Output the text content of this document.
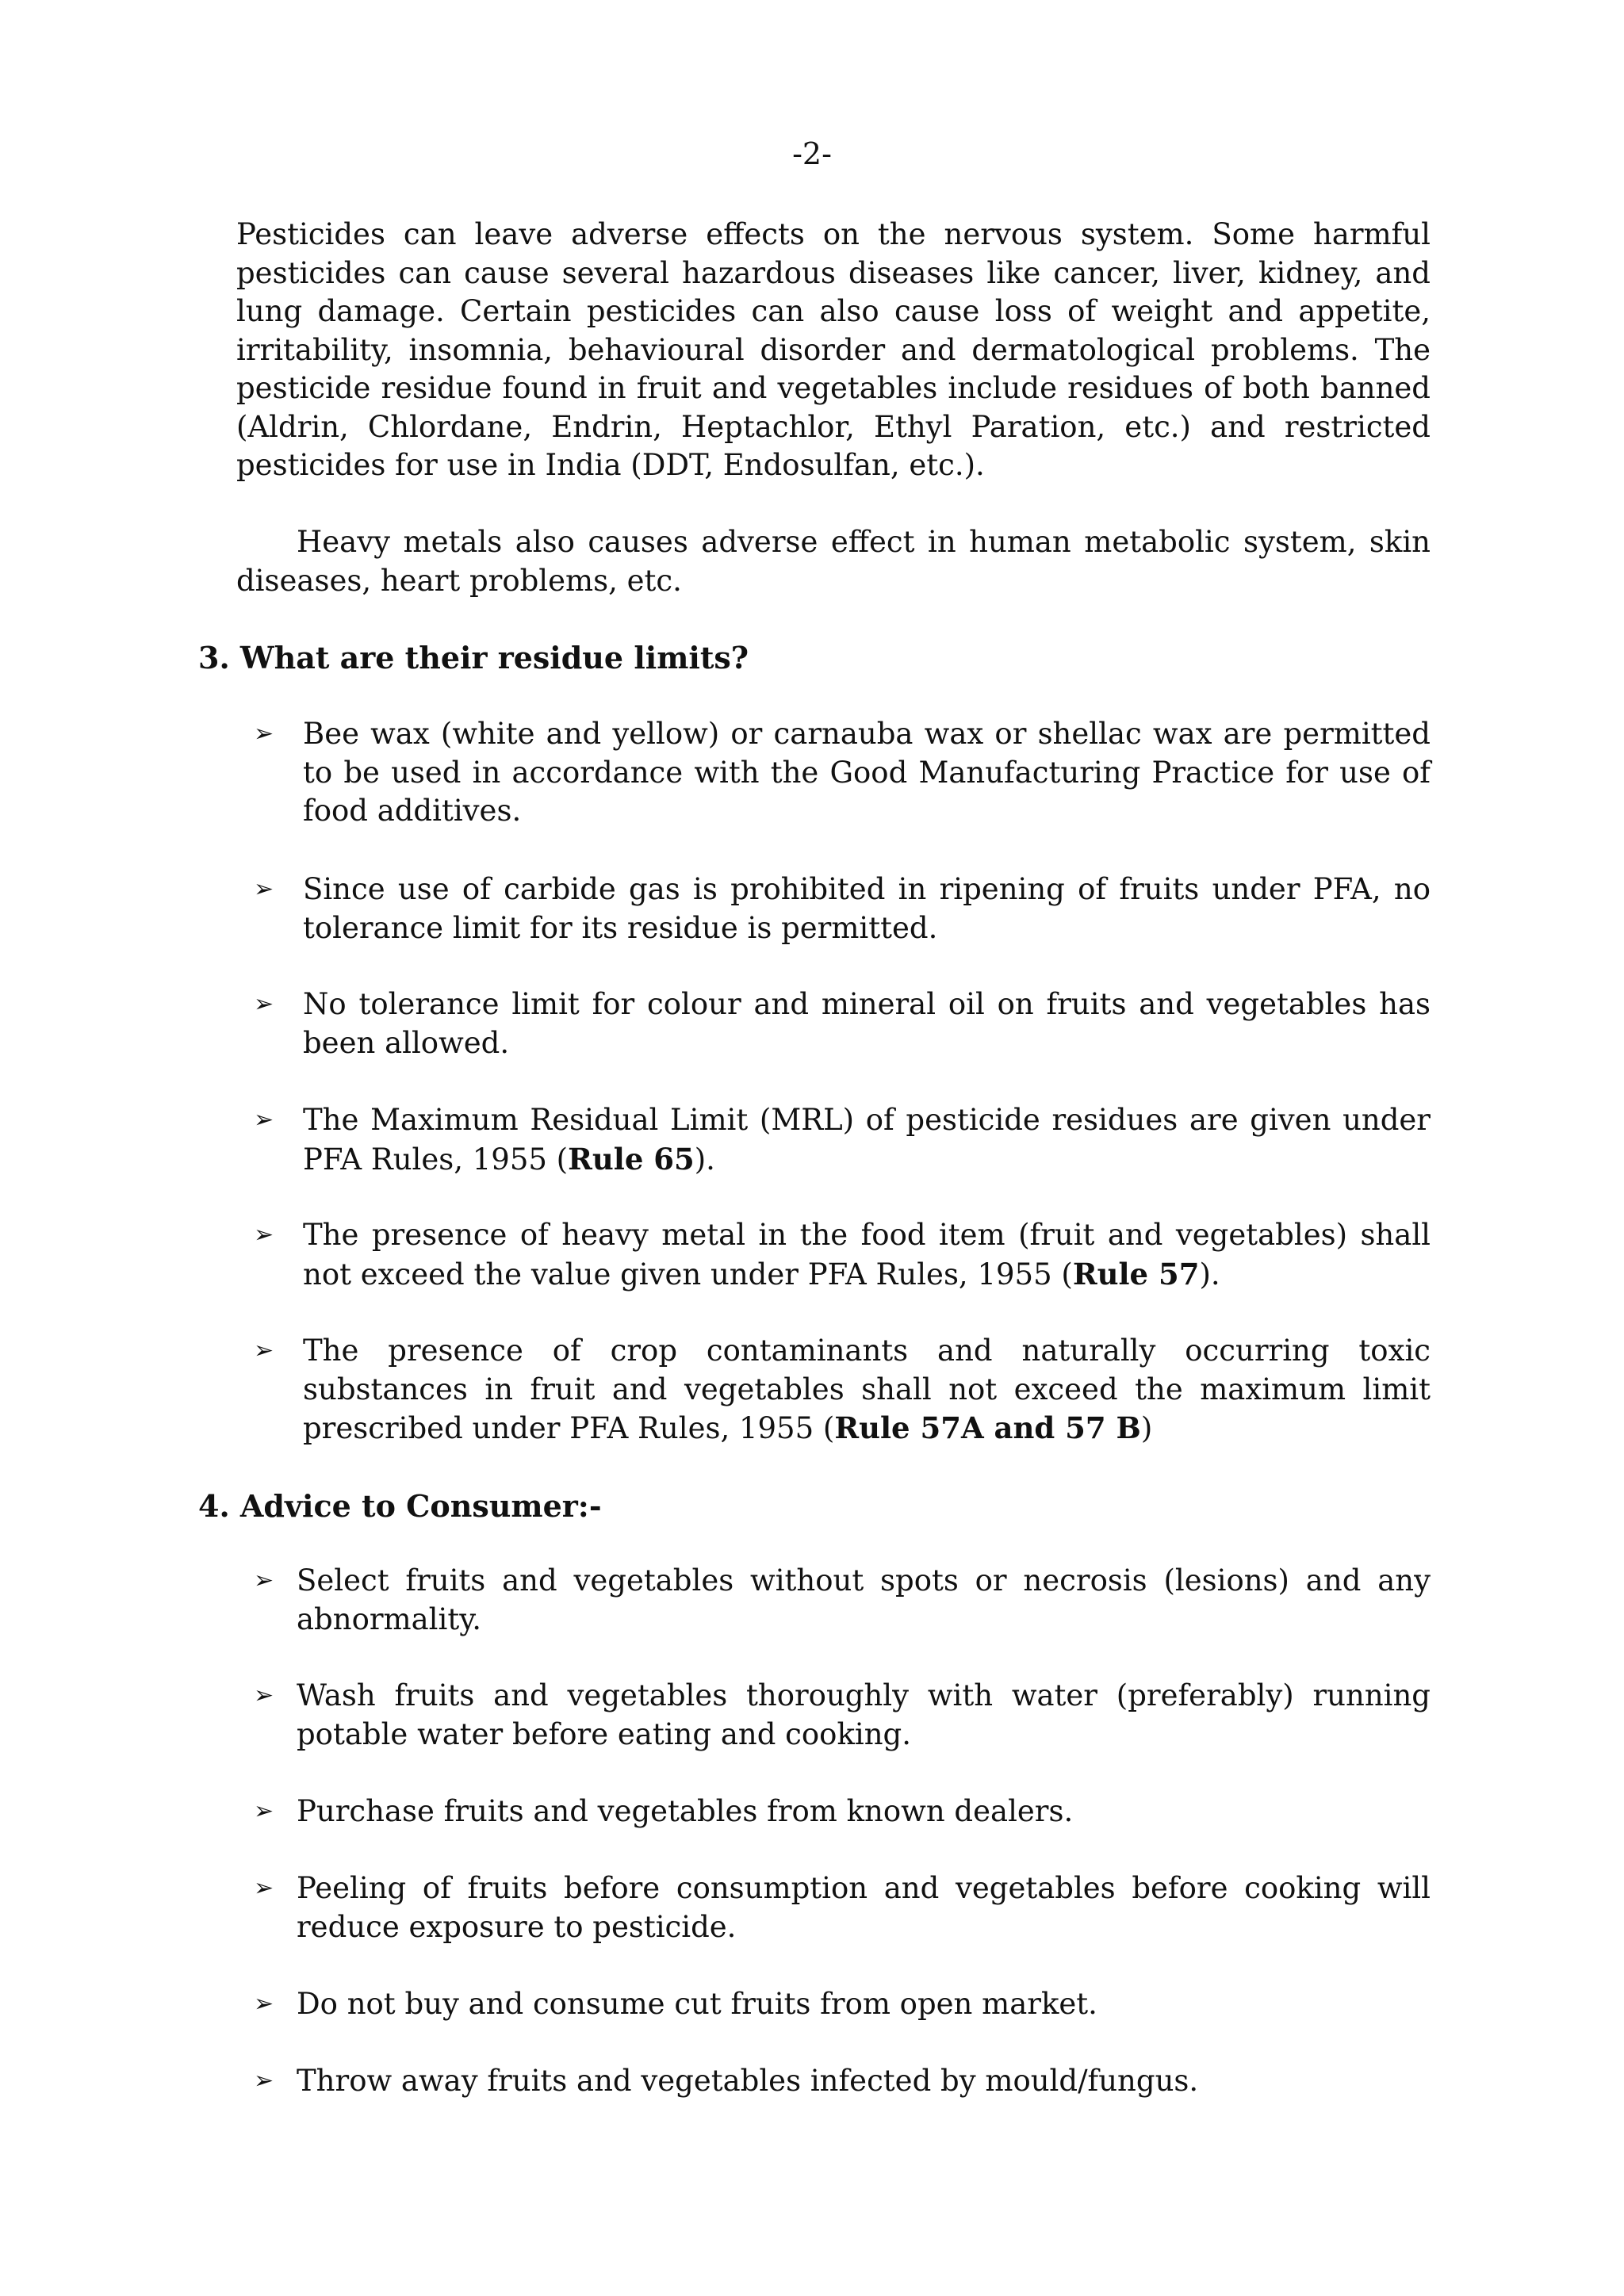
-2-

Pesticides can leave adverse effects on the nervous system. Some harmful pesticides can cause several hazardous diseases like cancer, liver, kidney, and lung damage. Certain pesticides can also cause loss of weight and appetite, irritability, insomnia, behavioural disorder and dermatological problems. The pesticide residue found in fruit and vegetables include residues of both banned (Aldrin, Chlordane, Endrin, Heptachlor, Ethyl Paration, etc.) and restricted pesticides for use in India (DDT, Endosulfan, etc.).

Heavy metals also causes adverse effect in human metabolic system, skin diseases, heart problems, etc.

3. What are their residue limits?
➢ Bee wax (white and yellow) or carnauba wax or shellac wax are permitted to be used in accordance with the Good Manufacturing Practice for use of food additives.

➢ Since use of carbide gas is prohibited in ripening of fruits under PFA, no tolerance limit for its residue is permitted.

➢ No tolerance limit for colour and mineral oil on fruits and vegetables has been allowed.

➢ The Maximum Residual Limit (MRL) of pesticide residues are given under PFA Rules, 1955 (Rule 65).

➢ The presence of heavy metal in the food item (fruit and vegetables) shall not exceed the value given under PFA Rules, 1955 (Rule 57).

➢ The presence of crop contaminants and naturally occurring toxic substances in fruit and vegetables shall not exceed the maximum limit prescribed under PFA Rules, 1955 (Rule 57A and 57 B)

4. Advice to Consumer:-
➢ Select fruits and vegetables without spots or necrosis (lesions) and any abnormality.

➢ Wash fruits and vegetables thoroughly with water (preferably) running potable water before eating and cooking.

➢ Purchase fruits and vegetables from known dealers.

➢ Peeling of fruits before consumption and vegetables before cooking will reduce exposure to pesticide.

➢ Do not buy and consume cut fruits from open market.

➢ Throw away fruits and vegetables infected by mould/fungus.
